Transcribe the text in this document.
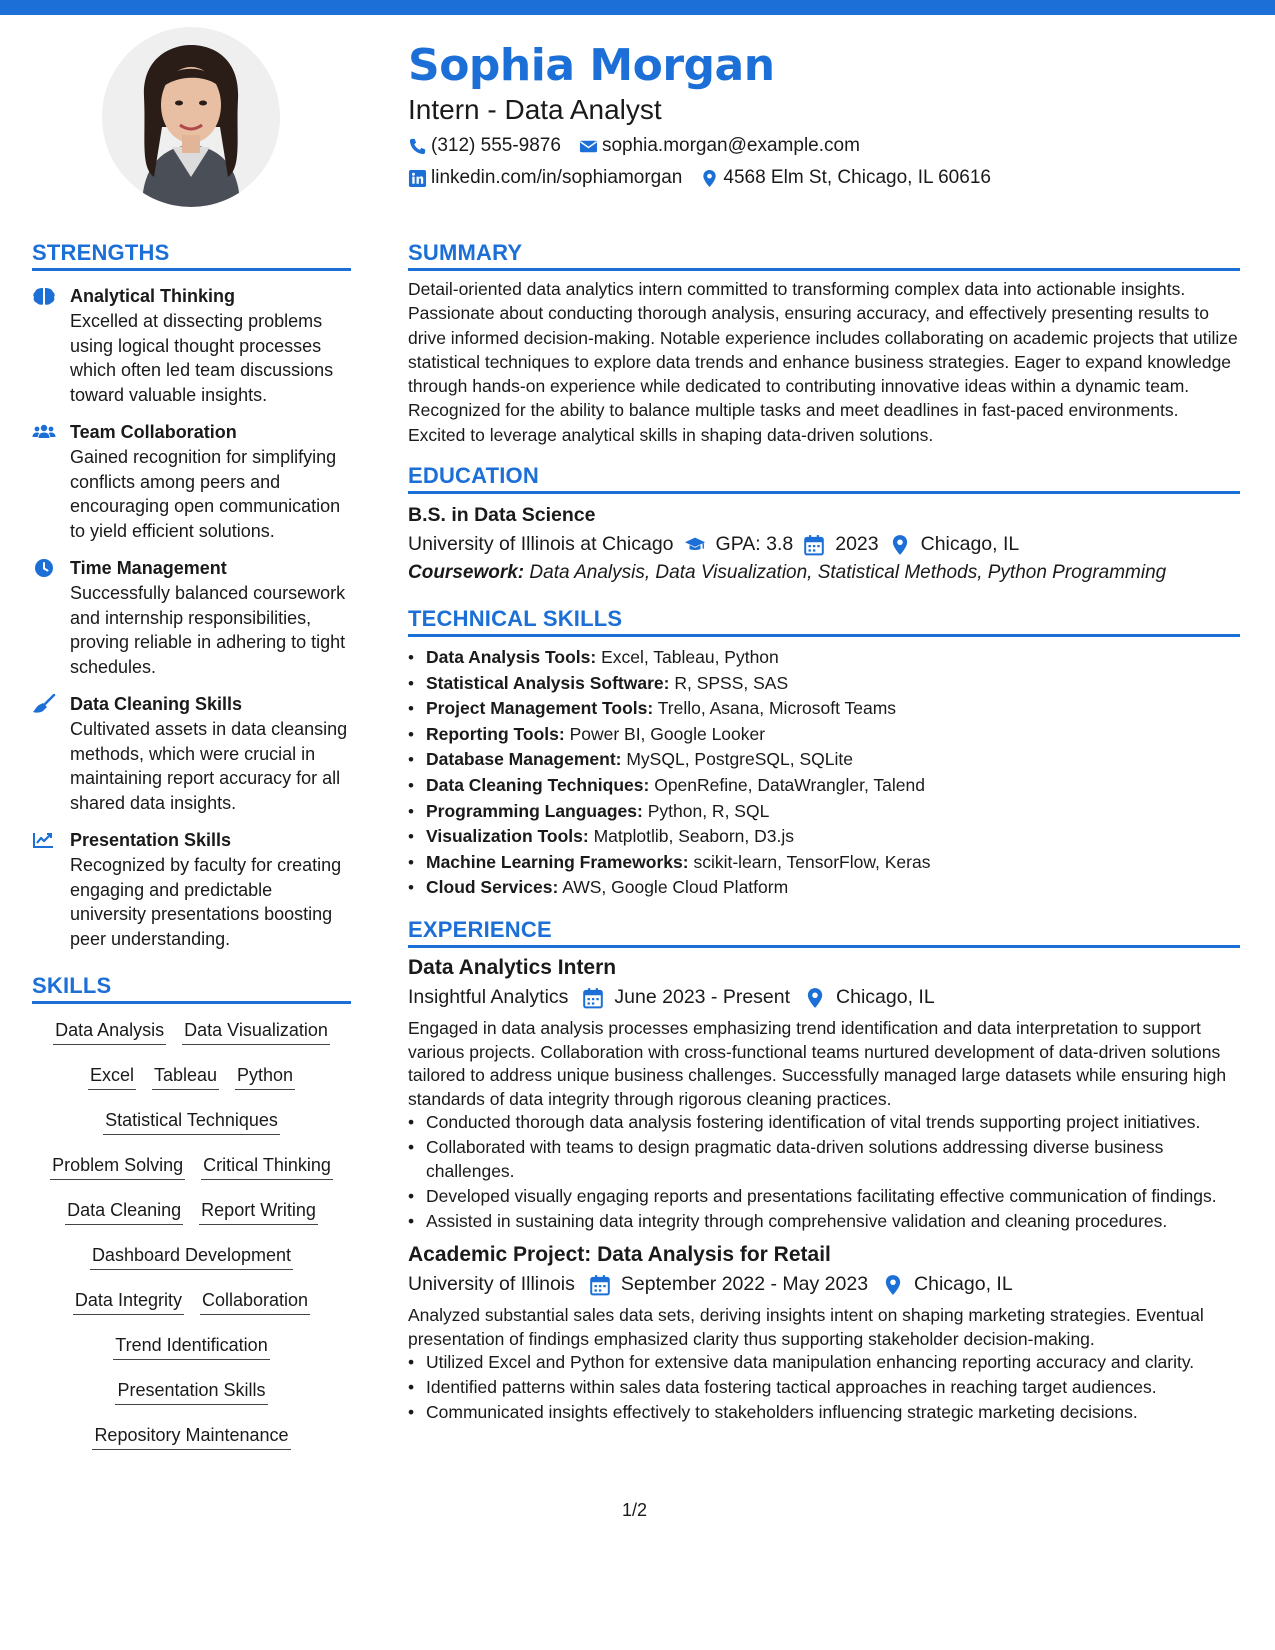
Sophia Morgan
Intern - Data Analyst
(312) 555-9876 sophia.morgan@example.com
linkedin.com/in/sophiamorgan 4568 Elm St, Chicago, IL 60616
STRENGTHS
Analytical Thinking
Excelled at dissecting problems using logical thought processes which often led team discussions toward valuable insights.
Team Collaboration
Gained recognition for simplifying conflicts among peers and encouraging open communication to yield efficient solutions.
Time Management
Successfully balanced coursework and internship responsibilities, proving reliable in adhering to tight schedules.
Data Cleaning Skills
Cultivated assets in data cleansing methods, which were crucial in maintaining report accuracy for all shared data insights.
Presentation Skills
Recognized by faculty for creating engaging and predictable university presentations boosting peer understanding.
SKILLS
Data Analysis Data Visualization
Excel Tableau Python
Statistical Techniques
Problem Solving Critical Thinking
Data Cleaning Report Writing
Dashboard Development
Data Integrity Collaboration
Trend Identification
Presentation Skills
Repository Maintenance
SUMMARY
Detail-oriented data analytics intern committed to transforming complex data into actionable insights. Passionate about conducting thorough analysis, ensuring accuracy, and effectively presenting results to drive informed decision-making. Notable experience includes collaborating on academic projects that utilize statistical techniques to explore data trends and enhance business strategies. Eager to expand knowledge through hands-on experience while dedicated to contributing innovative ideas within a dynamic team. Recognized for the ability to balance multiple tasks and meet deadlines in fast-paced environments. Excited to leverage analytical skills in shaping data-driven solutions.
EDUCATION
B.S. in Data Science
University of Illinois at Chicago GPA: 3.8 2023 Chicago, IL
Coursework: Data Analysis, Data Visualization, Statistical Methods, Python Programming
TECHNICAL SKILLS
• Data Analysis Tools: Excel, Tableau, Python
• Statistical Analysis Software: R, SPSS, SAS
• Project Management Tools: Trello, Asana, Microsoft Teams
• Reporting Tools: Power BI, Google Looker
• Database Management: MySQL, PostgreSQL, SQLite
• Data Cleaning Techniques: OpenRefine, DataWrangler, Talend
• Programming Languages: Python, R, SQL
• Visualization Tools: Matplotlib, Seaborn, D3.js
• Machine Learning Frameworks: scikit-learn, TensorFlow, Keras
• Cloud Services: AWS, Google Cloud Platform
EXPERIENCE
Data Analytics Intern
Insightful Analytics June 2023 - Present Chicago, IL
Engaged in data analysis processes emphasizing trend identification and data interpretation to support various projects. Collaboration with cross-functional teams nurtured development of data-driven solutions tailored to address unique business challenges. Successfully managed large datasets while ensuring high standards of data integrity through rigorous cleaning practices.
• Conducted thorough data analysis fostering identification of vital trends supporting project initiatives.
• Collaborated with teams to design pragmatic data-driven solutions addressing diverse business challenges.
• Developed visually engaging reports and presentations facilitating effective communication of findings.
• Assisted in sustaining data integrity through comprehensive validation and cleaning procedures.
Academic Project: Data Analysis for Retail
University of Illinois September 2022 - May 2023 Chicago, IL
Analyzed substantial sales data sets, deriving insights intent on shaping marketing strategies. Eventual presentation of findings emphasized clarity thus supporting stakeholder decision-making.
• Utilized Excel and Python for extensive data manipulation enhancing reporting accuracy and clarity.
• Identified patterns within sales data fostering tactical approaches in reaching target audiences.
• Communicated insights effectively to stakeholders influencing strategic marketing decisions.
1/2
